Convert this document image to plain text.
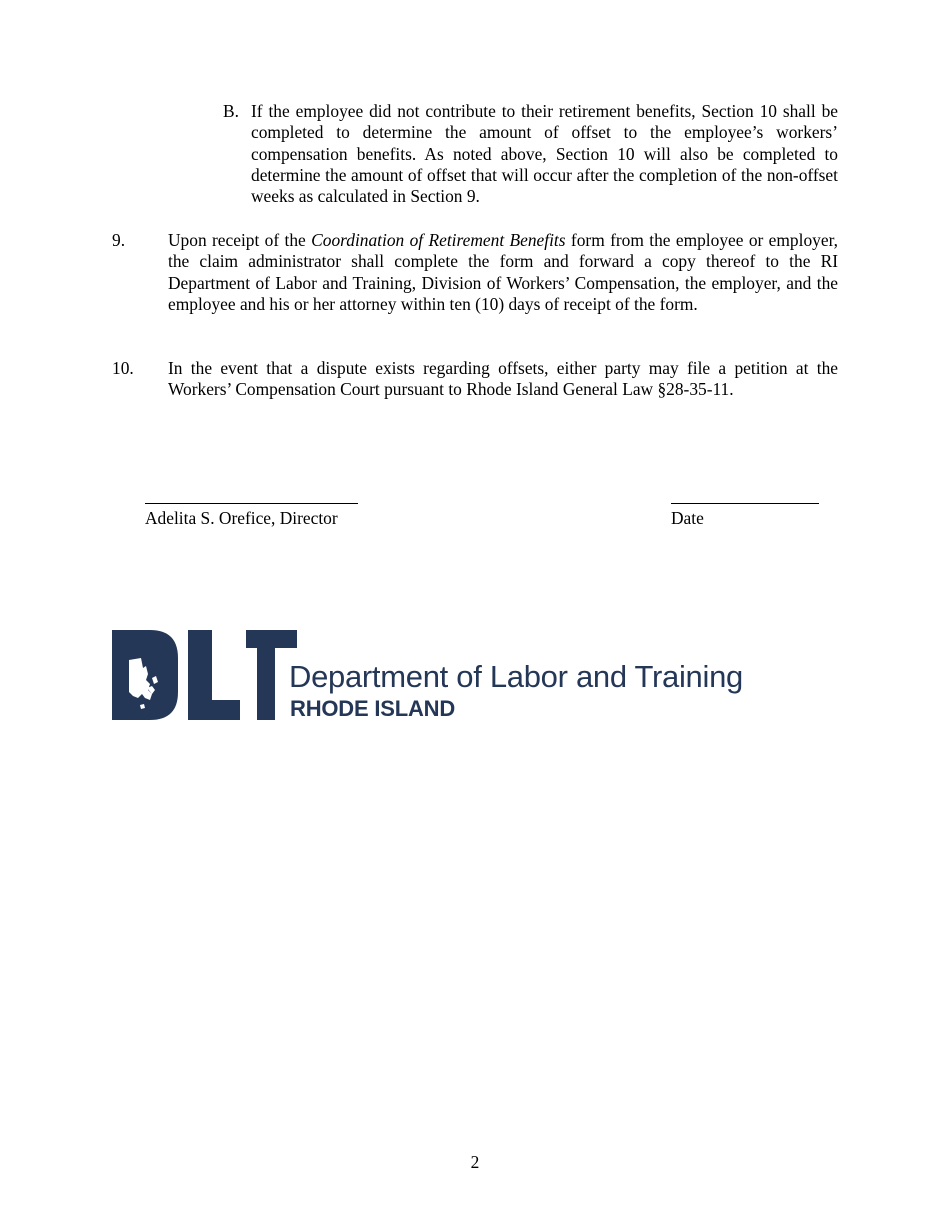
B. If the employee did not contribute to their retirement benefits, Section 10 shall be completed to determine the amount of offset to the employee’s workers’ compensation benefits. As noted above, Section 10 will also be completed to determine the amount of offset that will occur after the completion of the non-offset weeks as calculated in Section 9.

9. Upon receipt of the Coordination of Retirement Benefits form from the employee or employer, the claim administrator shall complete the form and forward a copy thereof to the RI Department of Labor and Training, Division of Workers’ Compensation, the employer, and the employee and his or her attorney within ten (10) days of receipt of the form.

10. In the event that a dispute exists regarding offsets, either party may file a petition at the Workers’ Compensation Court pursuant to Rhode Island General Law §28-35-11.

Adelita S. Orefice, Director	Date
Department of Labor and Training
RHODE ISLAND
2
